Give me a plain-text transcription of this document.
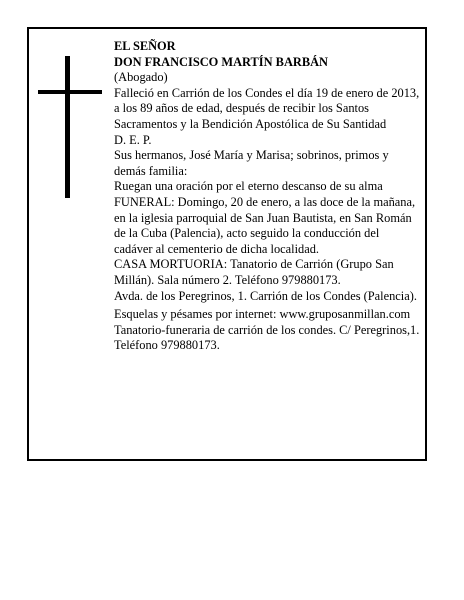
EL SEÑOR
DON FRANCISCO MARTÍN BARBÁN
(Abogado)
Falleció en Carrión de los Condes el día 19 de enero de 2013, a los 89 años de edad, después de recibir los Santos Sacramentos y la Bendición Apostólica de Su Santidad
D. E. P.
Sus hermanos, José María y Marisa; sobrinos, primos y demás familia:
Ruegan una oración por el eterno descanso de su alma
FUNERAL: Domingo, 20 de enero, a las doce de la mañana, en la iglesia parroquial de San Juan Bautista, en San Román de la Cuba (Palencia), acto seguido la conducción del cadáver al cementerio de dicha localidad.
CASA MORTUORIA: Tanatorio de Carrión (Grupo San Millán). Sala número 2. Teléfono 979880173.
Avda. de los Peregrinos, 1. Carrión de los Condes (Palencia).
Esquelas y pésames por internet: www.gruposanmillan.com
Tanatorio-funeraria de carrión de los condes. C/ Peregrinos,1. Teléfono 979880173.
